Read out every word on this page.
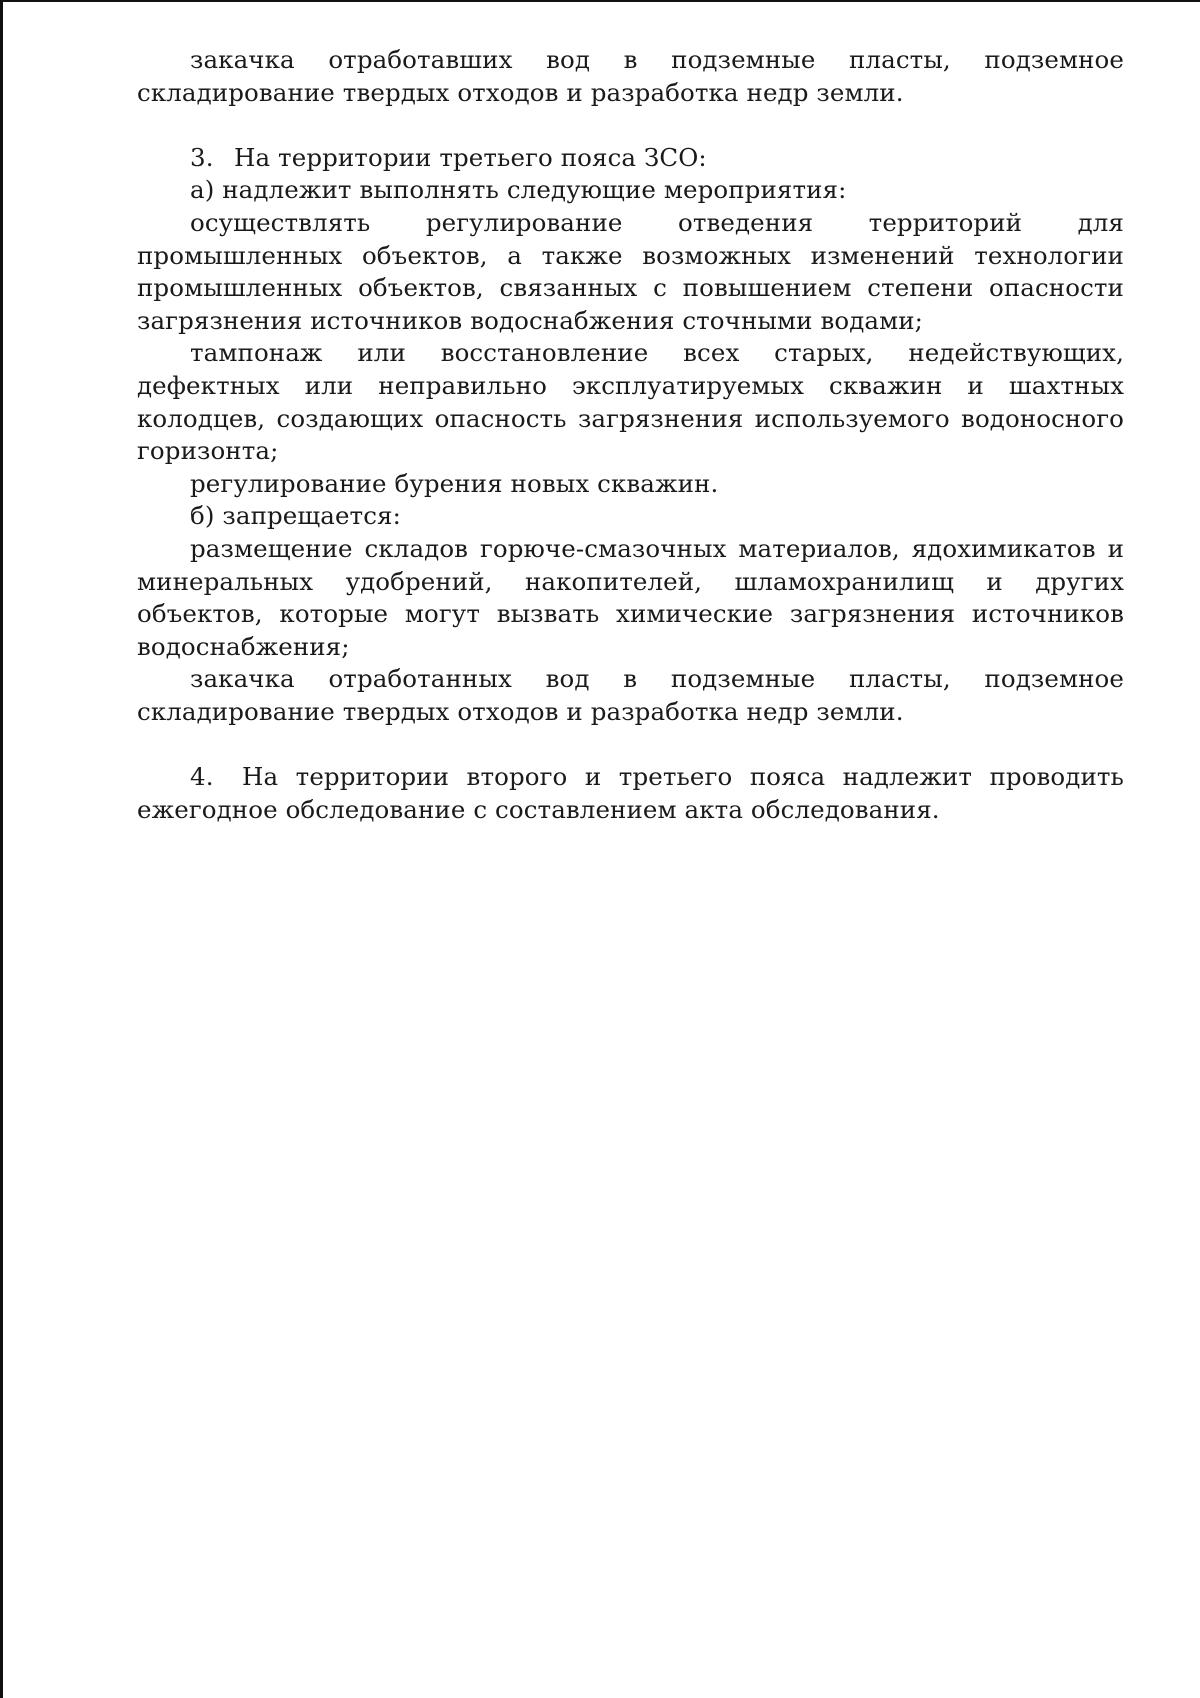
закачка отработавших вод в подземные пласты, подземное складирование твердых отходов и разработка недр земли.

3. На территории третьего пояса ЗСО:

а) надлежит выполнять следующие мероприятия:

осуществлять регулирование отведения территорий для промышленных объектов, а также возможных изменений технологии промышленных объектов, связанных с повышением степени опасности загрязнения источников водоснабжения сточными водами;

тампонаж или восстановление всех старых, недействующих, дефектных или неправильно эксплуатируемых скважин и шахтных колодцев, создающих опасность загрязнения используемого водоносного горизонта;

регулирование бурения новых скважин.

б) запрещается:

размещение складов горюче-смазочных материалов, ядохимикатов и минеральных удобрений, накопителей, шламохранилищ и других объектов, которые могут вызвать химические загрязнения источников водоснабжения;

закачка отработанных вод в подземные пласты, подземное складирование твердых отходов и разработка недр земли.

4. На территории второго и третьего пояса надлежит проводить ежегодное обследование с составлением акта обследования.
